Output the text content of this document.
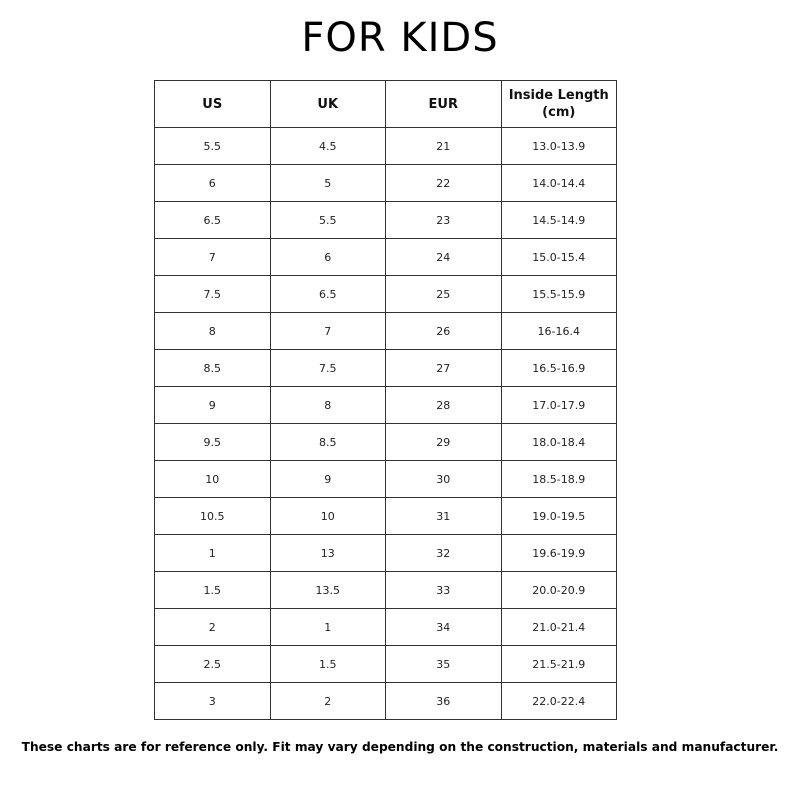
FOR KIDS
US	UK	EUR	Inside Length
(cm)
5.5	4.5	21	13.0-13.9
6	5	22	14.0-14.4
6.5	5.5	23	14.5-14.9
7	6	24	15.0-15.4
7.5	6.5	25	15.5-15.9
8	7	26	16-16.4
8.5	7.5	27	16.5-16.9
9	8	28	17.0-17.9
9.5	8.5	29	18.0-18.4
10	9	30	18.5-18.9
10.5	10	31	19.0-19.5
1	13	32	19.6-19.9
1.5	13.5	33	20.0-20.9
2	1	34	21.0-21.4
2.5	1.5	35	21.5-21.9
3	2	36	22.0-22.4
These charts are for reference only. Fit may vary depending on the construction, materials and manufacturer.
